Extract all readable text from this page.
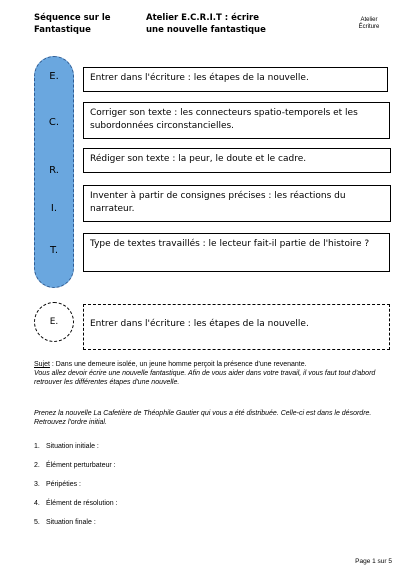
Séquence sur le
Fantastique
Atelier E.C.R.I.T : écrire
une nouvelle fantastique
Atelier
Écriture
E.
C.
R.
I.
T.
Entrer dans l'écriture : les étapes de la nouvelle.
Corriger son texte : les connecteurs spatio-temporels et les subordonnées circonstancielles.
Rédiger son texte : la peur, le doute et le cadre.
Inventer à partir de consignes précises : les réactions du narrateur.
Type de textes travaillés : le lecteur fait-il partie de l'histoire ?
E.	Entrer dans l'écriture : les étapes de la nouvelle.
Sujet : Dans une demeure isolée, un jeune homme perçoit la présence d'une revenante.
Vous allez devoir écrire une nouvelle fantastique. Afin de vous aider dans votre travail, il vous faut tout d'abord retrouver les différentes étapes d'une nouvelle.
Prenez la nouvelle La Cafetière de Théophile Gautier qui vous a été distribuée. Celle-ci est dans le désordre. Retrouvez l'ordre initial.
1. Situation initiale :
2. Élément perturbateur :
3. Péripéties :
4. Élément de résolution :
5. Situation finale :
Page 1 sur 5
